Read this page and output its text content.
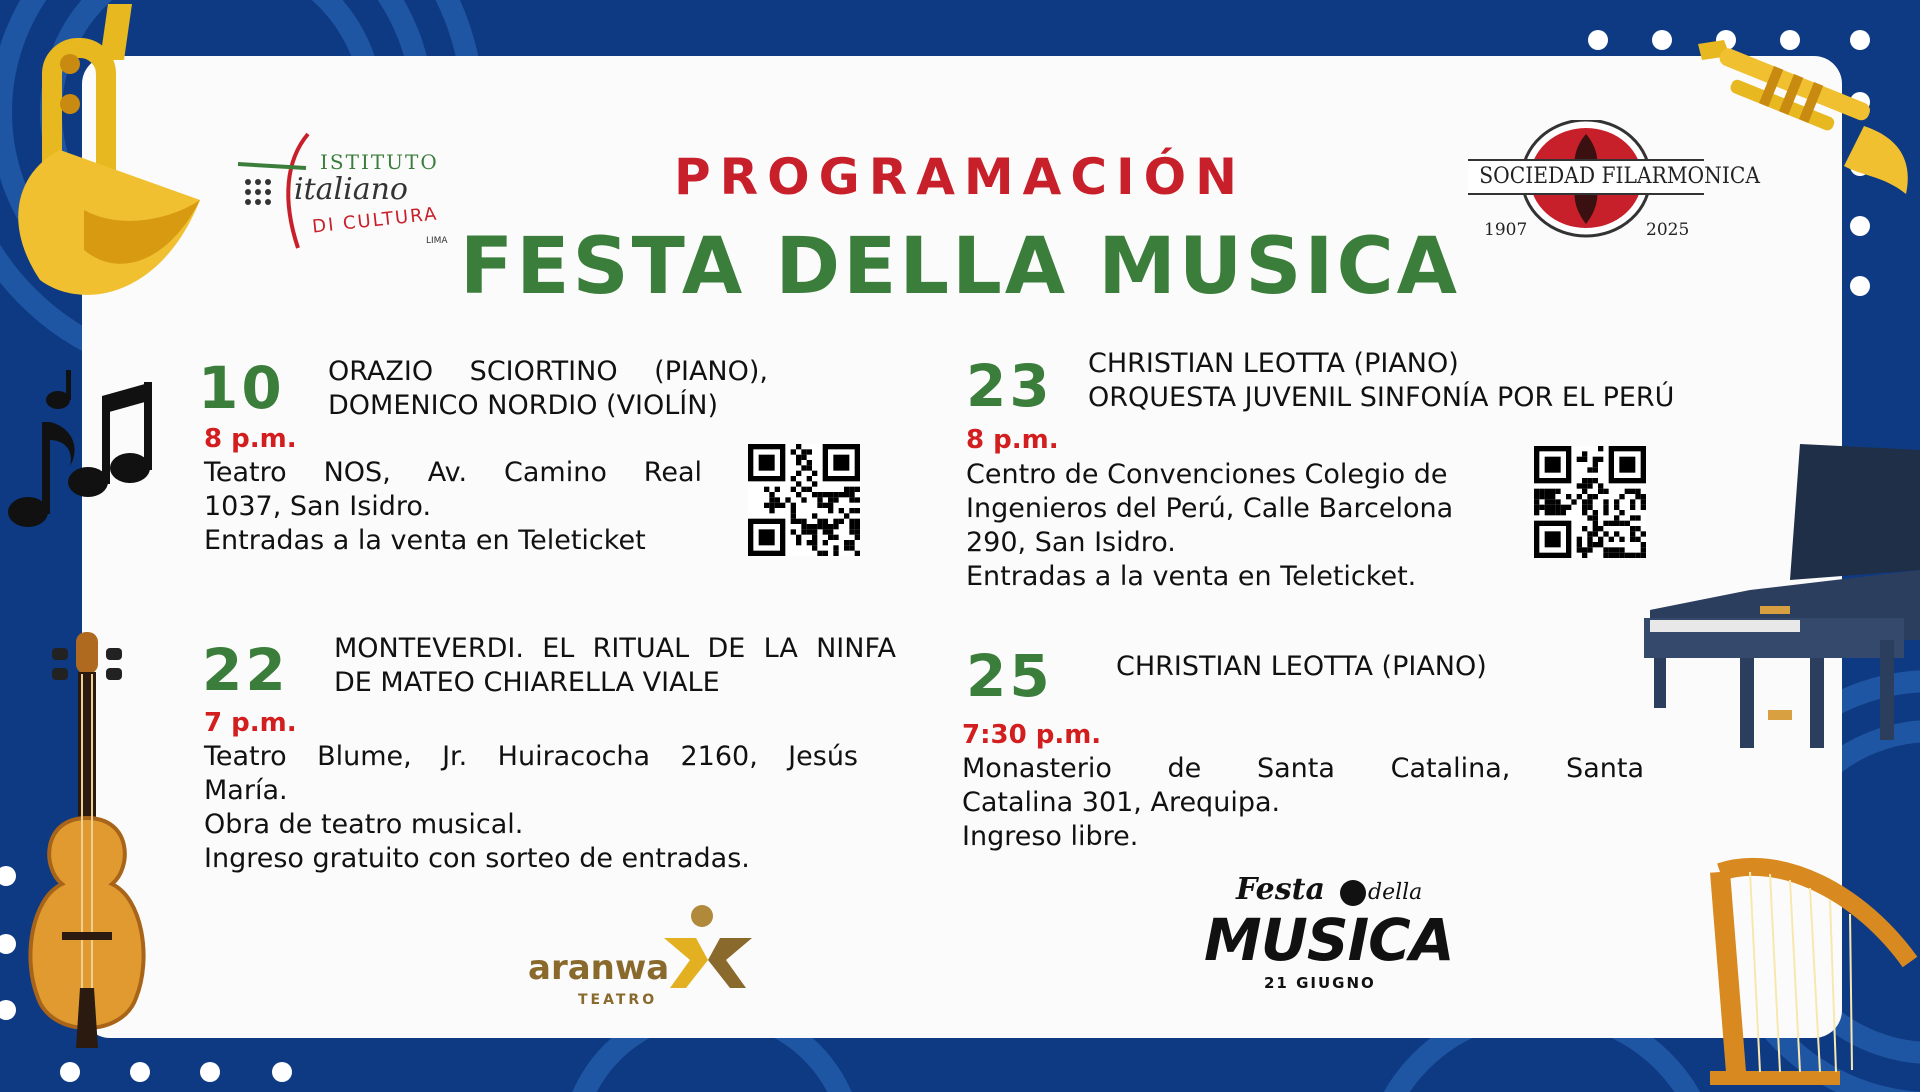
PROGRAMACIÓN
FESTA DELLA MUSICA
ISTITUTO
italiano
DI CULTURA
LIMA
SOCIEDAD FILARMONICA
1907	2025
10 ORAZIO SCIORTINO (PIANO),
DOMENICO NORDIO (VIOLÍN)
8 p.m.
Teatro NOS, Av. Camino Real
1037, San Isidro.
Entradas a la venta en Teleticket
23 CHRISTIAN LEOTTA (PIANO)
ORQUESTA JUVENIL SINFONÍA POR EL PERÚ
8 p.m.
Centro de Convenciones Colegio de
Ingenieros del Perú, Calle Barcelona
290, San Isidro.
Entradas a la venta en Teleticket.
22 MONTEVERDI. EL RITUAL DE LA NINFA
DE MATEO CHIARELLA VIALE
7 p.m.
Teatro Blume, Jr. Huiracocha 2160, Jesús
María.
Obra de teatro musical.
Ingreso gratuito con sorteo de entradas.
25 CHRISTIAN LEOTTA (PIANO)
7:30 p.m.
Monasterio de Santa Catalina, Santa
Catalina 301, Arequipa.
Ingreso libre.
aranwa
TEATRO
Festa della
MUSICA
21 GIUGNO
